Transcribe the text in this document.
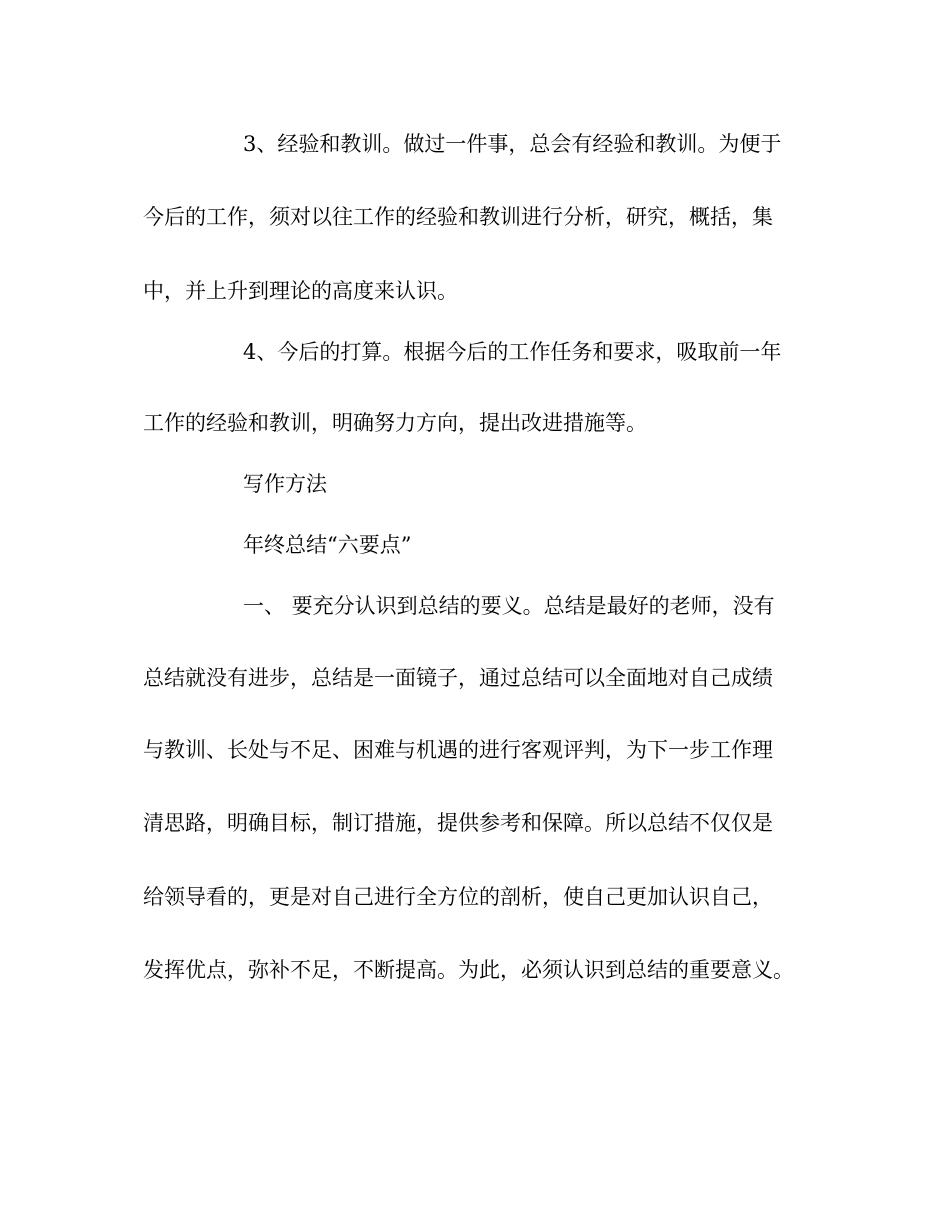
3、经验和教训。做过一件事，总会有经验和教训。为便于
今后的工作，须对以往工作的经验和教训进行分析，研究，概括，集
中，并上升到理论的高度来认识。
4、今后的打算。根据今后的工作任务和要求，吸取前一年
工作的经验和教训，明确努力方向，提出改进措施等。
写作方法
年终总结“六要点”
一、 要充分认识到总结的要义。总结是最好的老师，没有
总结就没有进步，总结是一面镜子，通过总结可以全面地对自己成绩
与教训、长处与不足、困难与机遇的进行客观评判，为下一步工作理
清思路，明确目标，制订措施，提供参考和保障。所以总结不仅仅是
给领导看的，更是对自己进行全方位的剖析，使自己更加认识自己，
发挥优点，弥补不足，不断提高。为此，必须认识到总结的重要意义。
